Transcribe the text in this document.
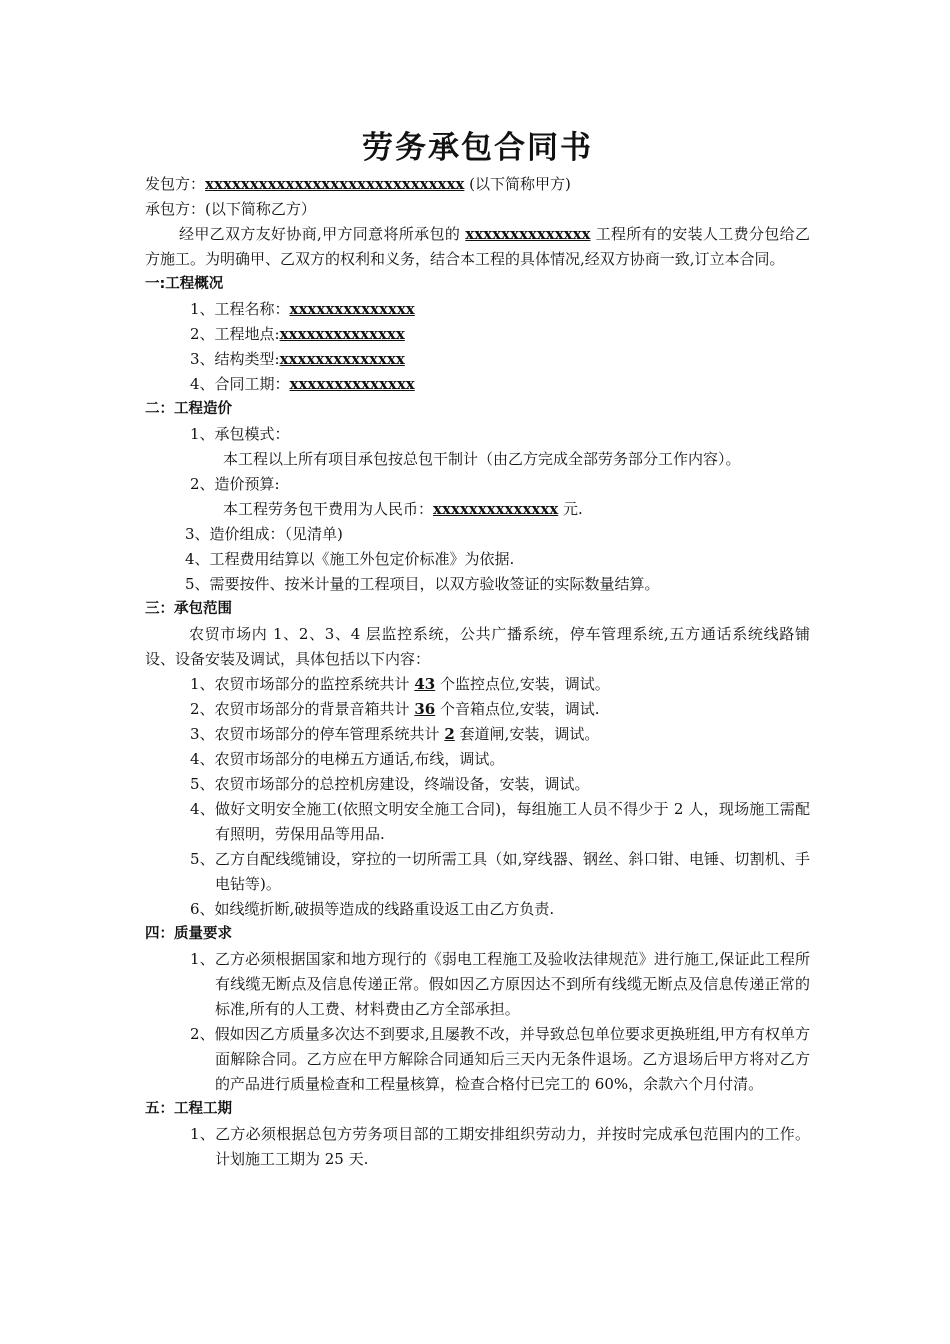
劳务承包合同书

发包方：xxxxxxxxxxxxxxxxxxxxxxxxxxxxx (以下简称甲方)

承包方：(以下简称乙方）

经甲乙双方友好协商,甲方同意将所承包的 xxxxxxxxxxxxxx 工程所有的安装人工费分包给乙方施工。为明确甲、乙双方的权利和义务，结合本工程的具体情况,经双方协商一致,订立本合同。

一:工程概况

1、工程名称：xxxxxxxxxxxxxx

2、工程地点:xxxxxxxxxxxxxx

3、结构类型:xxxxxxxxxxxxxx

4、合同工期：xxxxxxxxxxxxxx

二：工程造价

1、承包模式：

本工程以上所有项目承包按总包干制计（由乙方完成全部劳务部分工作内容）。

2、造价预算:

本工程劳务包干费用为人民币：xxxxxxxxxxxxxx 元.

3、造价组成：（见清单)

4、工程费用结算以《施工外包定价标准》为依据.

5、需要按件、按米计量的工程项目，以双方验收签证的实际数量结算。

三：承包范围

农贸市场内 1、2、3、4 层监控系统，公共广播系统，停车管理系统,五方通话系统线路铺设、设备安装及调试，具体包括以下内容：

1、农贸市场部分的监控系统共计 43 个监控点位,安装，调试。

2、农贸市场部分的背景音箱共计 36 个音箱点位,安装，调试.

3、农贸市场部分的停车管理系统共计 2 套道闸,安装，调试。

4、农贸市场部分的电梯五方通话,布线，调试。

5、农贸市场部分的总控机房建设，终端设备，安装，调试。

4、做好文明安全施工(依照文明安全施工合同)，每组施工人员不得少于 2 人，现场施工需配有照明，劳保用品等用品.

5、乙方自配线缆铺设，穿拉的一切所需工具（如,穿线器、钢丝、斜口钳、电锤、切割机、手电钻等)。

6、如线缆折断,破损等造成的线路重设返工由乙方负责.

四：质量要求

1、乙方必须根据国家和地方现行的《弱电工程施工及验收法律规范》进行施工,保证此工程所有线缆无断点及信息传递正常。假如因乙方原因达不到所有线缆无断点及信息传递正常的标准,所有的人工费、材料费由乙方全部承担。

2、假如因乙方质量多次达不到要求,且屡教不改，并导致总包单位要求更换班组,甲方有权单方面解除合同。乙方应在甲方解除合同通知后三天内无条件退场。乙方退场后甲方将对乙方的产品进行质量检查和工程量核算，检查合格付已完工的 60%，余款六个月付清。

五：工程工期

1、乙方必须根据总包方劳务项目部的工期安排组织劳动力，并按时完成承包范围内的工作。计划施工工期为 25 天.
